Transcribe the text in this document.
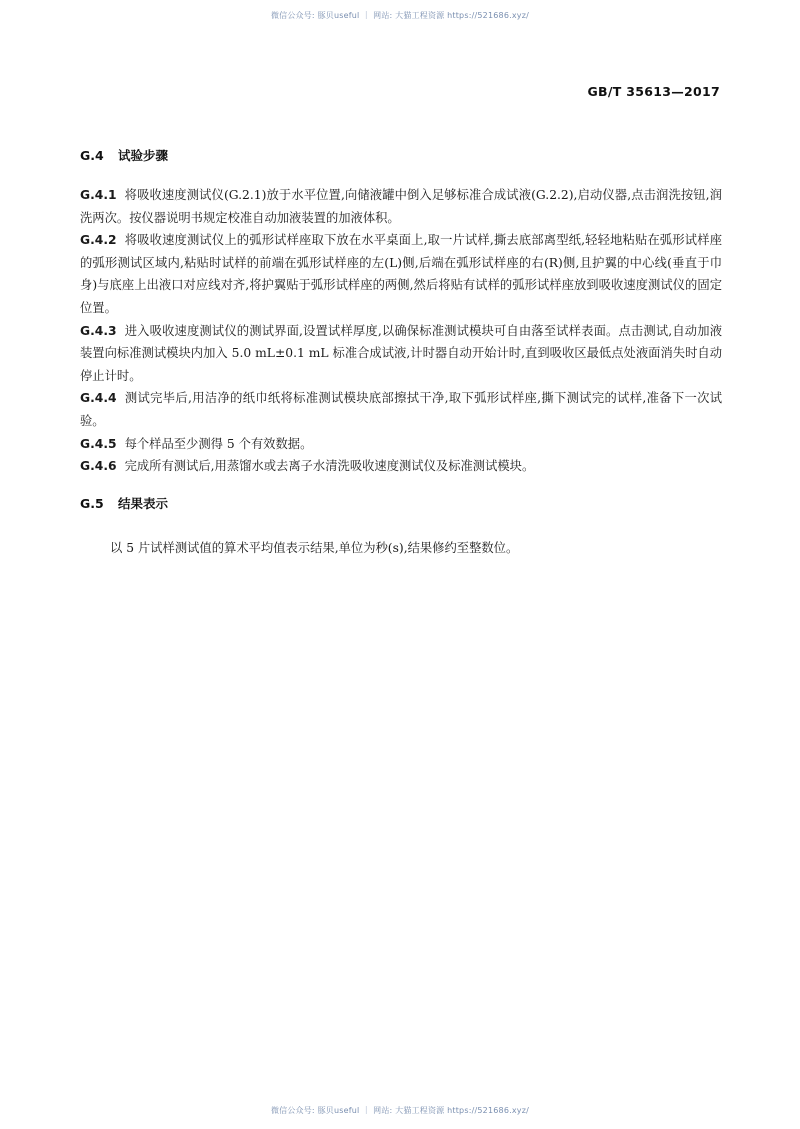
微信公众号: 豚贝useful ｜ 网站: 大猫工程资源 https://521686.xyz/
GB/T 35613—2017
G.4 试验步骤

G.4.1 将吸收速度测试仪(G.2.1)放于水平位置,向储液罐中倒入足够标准合成试液(G.2.2),启动仪器,点击润洗按钮,润洗两次。按仪器说明书规定校准自动加液装置的加液体积。

G.4.2 将吸收速度测试仪上的弧形试样座取下放在水平桌面上,取一片试样,撕去底部离型纸,轻轻地粘贴在弧形试样座的弧形测试区域内,粘贴时试样的前端在弧形试样座的左(L)侧,后端在弧形试样座的右(R)侧,且护翼的中心线(垂直于巾身)与底座上出液口对应线对齐,将护翼贴于弧形试样座的两侧,然后将贴有试样的弧形试样座放到吸收速度测试仪的固定位置。

G.4.3 进入吸收速度测试仪的测试界面,设置试样厚度,以确保标准测试模块可自由落至试样表面。点击测试,自动加液装置向标准测试模块内加入 5.0 mL±0.1 mL 标准合成试液,计时器自动开始计时,直到吸收区最低点处液面消失时自动停止计时。

G.4.4 测试完毕后,用洁净的纸巾纸将标准测试模块底部擦拭干净,取下弧形试样座,撕下测试完的试样,准备下一次试验。

G.4.5 每个样品至少测得 5 个有效数据。

G.4.6 完成所有测试后,用蒸馏水或去离子水清洗吸收速度测试仪及标准测试模块。

G.5 结果表示
以 5 片试样测试值的算术平均值表示结果,单位为秒(s),结果修约至整数位。
微信公众号: 豚贝useful ｜ 网站: 大猫工程资源 https://521686.xyz/
